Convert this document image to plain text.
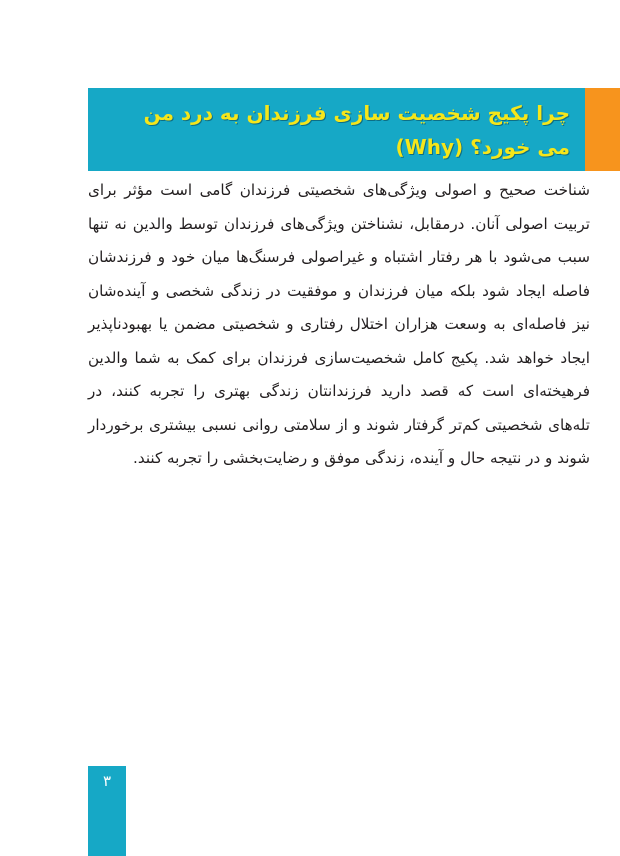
چرا پکیج شخصیت سازی فرزندان به درد من می خورد؟ (Why)

شناخت صحیح و اصولی ویژگی‌های شخصیتی فرزندان گامی است مؤثر برای تربیت اصولی آنان. درمقابل، نشناختن ویژگی‌های فرزندان توسط والدین نه تنها سبب می‌شود با هر رفتار اشتباه و غیراصولی فرسنگ‌ها میان خود و فرزندشان فاصله ایجاد شود بلکه میان فرزندان و موفقیت در زندگی شخصی و آینده‌شان نیز فاصله‌ای به وسعت هزاران اختلال رفتاری و شخصیتی مضمن یا بهبودناپذیر ایجاد خواهد شد. پکیج کامل شخصیت‌سازی فرزندان برای کمک به شما والدین فرهیخته‌ای است که قصد دارید فرزندانتان زندگی بهتری را تجربه کنند، در تله‌های شخصیتی کم‌تر گرفتار شوند و از سلامتی روانی نسبی بیشتری برخوردار شوند و در نتیجه حال و آینده، زندگی موفق و رضایت‌بخشی را تجربه کنند.

۳
